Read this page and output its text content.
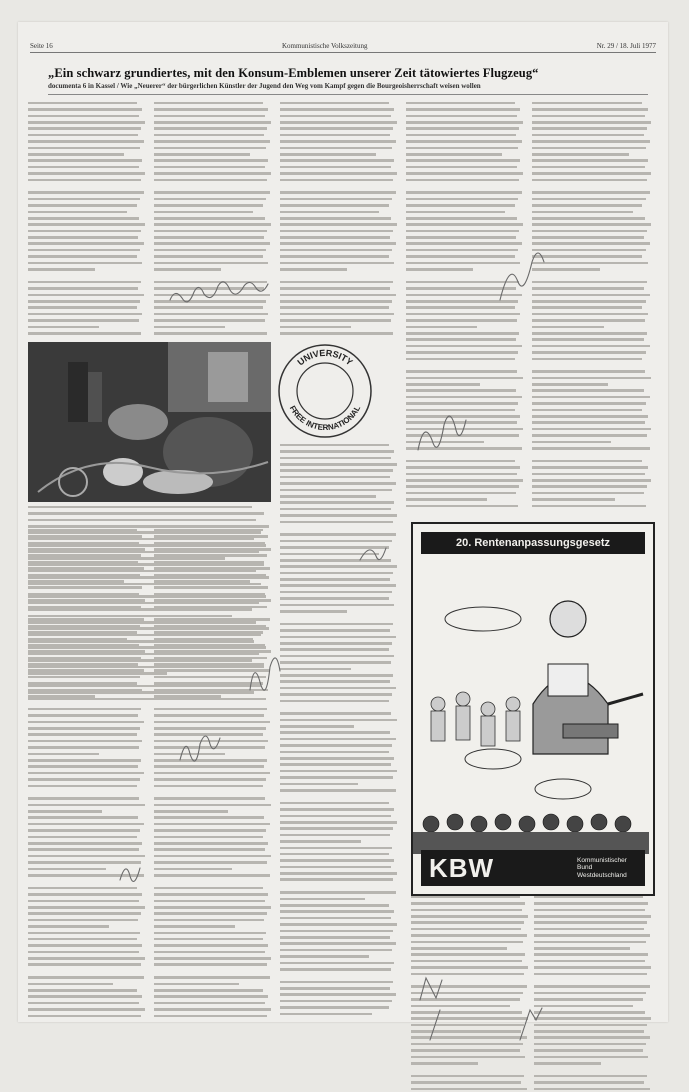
Seite 16	Kommunistische Volkszeitung	Nr. 29 / 18. Juli 1977
„Ein schwarz grundiertes, mit den Konsum-Emblemen unserer Zeit tätowiertes Flugzeug“
documenta 6 in Kassel / Wie „Neuerer“ der bürgerlichen Künstler der Jugend den Weg vom Kampf gegen die Bourgeoisherrschaft weisen wollen
UNIVERSITY
FREE INTERNATIONAL
20. Rentenanpassungsgesetz
KBW	Kommunistischer
Bund
Westdeutschland
